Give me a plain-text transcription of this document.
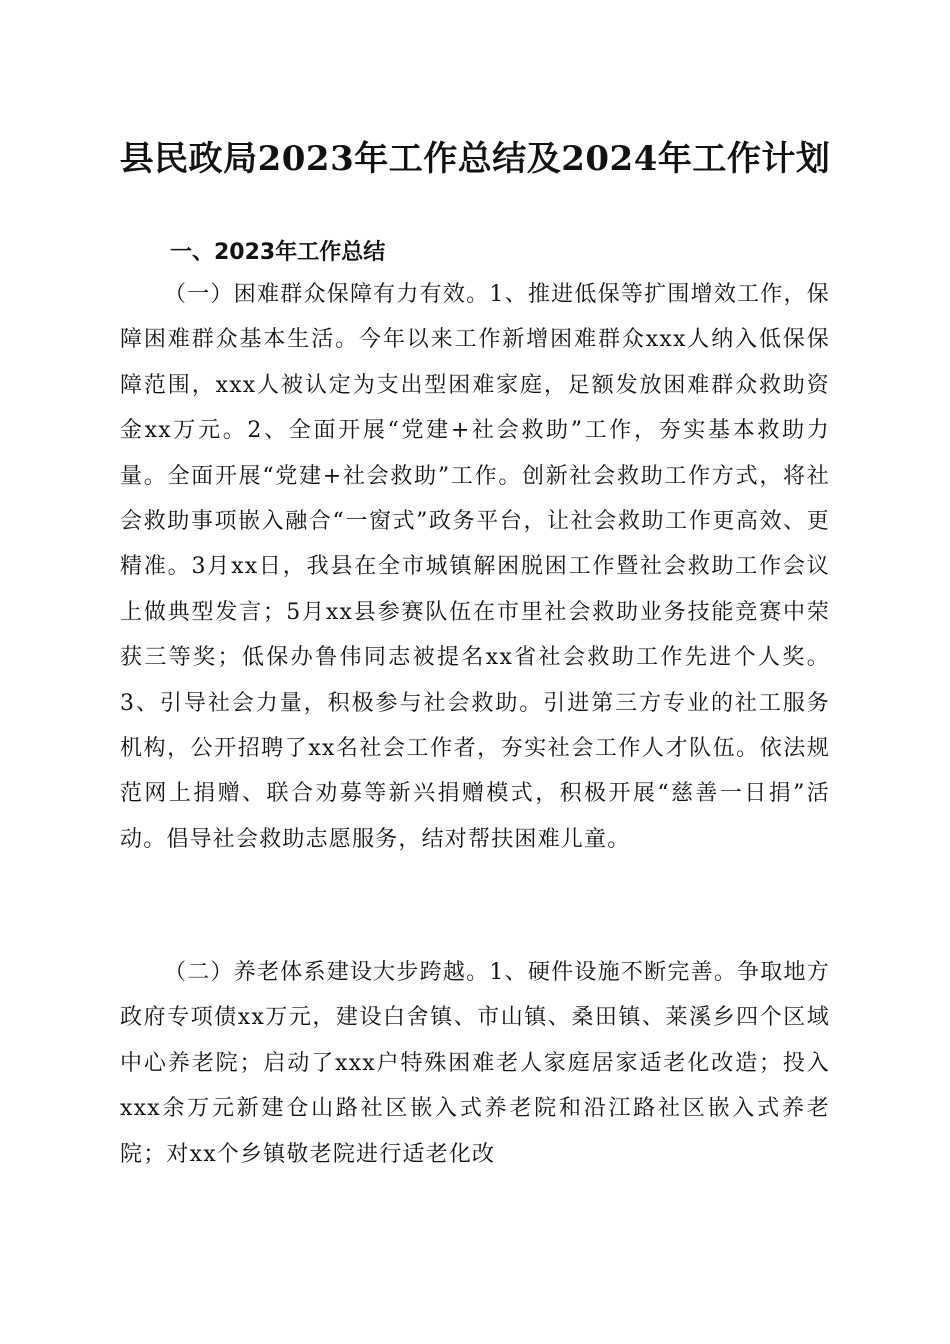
县民政局2023年工作总结及2024年工作计划
一、2023年工作总结

（一）困难群众保障有力有效。1、推进低保等扩围增效工作，保障困难群众基本生活。今年以来工作新增困难群众xxx人纳入低保保障范围，xxx人被认定为支出型困难家庭，足额发放困难群众救助资金xx万元。2、全面开展“党建+社会救助”工作，夯实基本救助力量。全面开展“党建+社会救助”工作。创新社会救助工作方式，将社会救助事项嵌入融合“一窗式”政务平台，让社会救助工作更高效、更精准。3月xx日，我县在全市城镇解困脱困工作暨社会救助工作会议上做典型发言；5月xx县参赛队伍在市里社会救助业务技能竞赛中荣获三等奖；低保办鲁伟同志被提名xx省社会救助工作先进个人奖。3、引导社会力量，积极参与社会救助。引进第三方专业的社工服务机构，公开招聘了xx名社会工作者，夯实社会工作人才队伍。依法规范网上捐赠、联合劝募等新兴捐赠模式，积极开展“慈善一日捐”活动。倡导社会救助志愿服务，结对帮扶困难儿童。

（二）养老体系建设大步跨越。1、硬件设施不断完善。争取地方政府专项债xx万元，建设白舍镇、市山镇、桑田镇、莱溪乡四个区域中心养老院；启动了xxx户特殊困难老人家庭居家适老化改造；投入xxx余万元新建仓山路社区嵌入式养老院和沿江路社区嵌入式养老院；对xx个乡镇敬老院进行适老化改
